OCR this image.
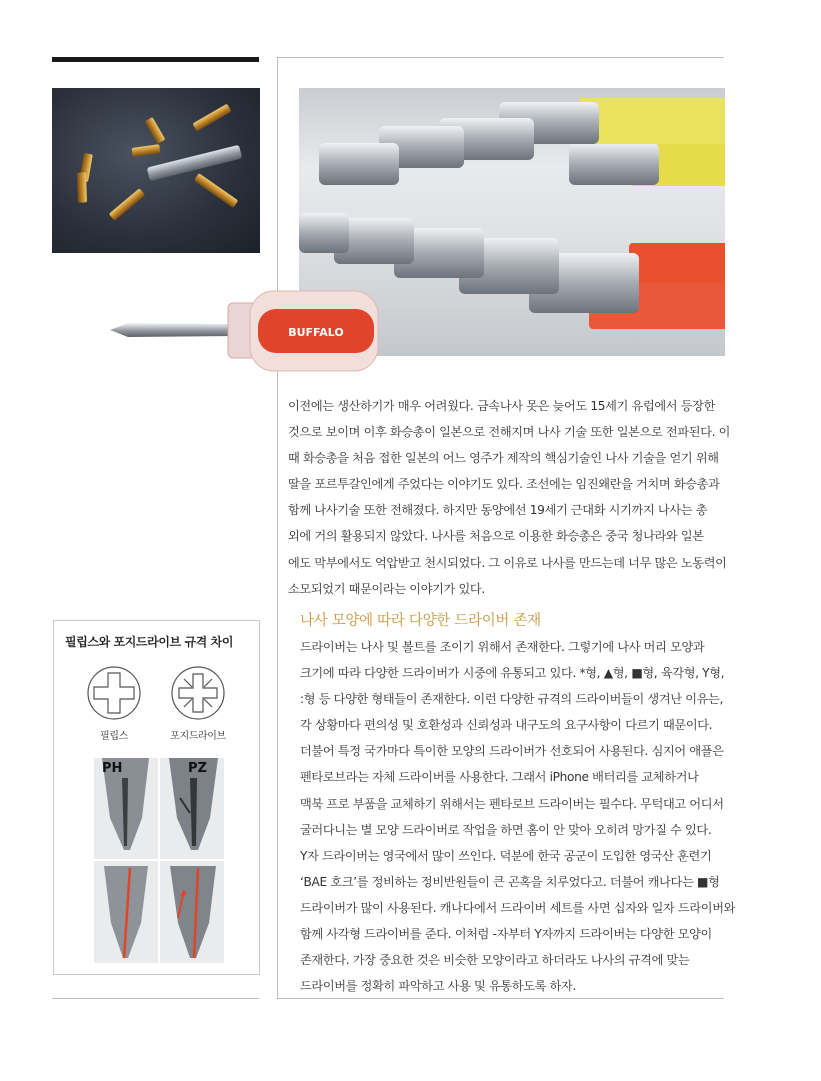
BUFFALO

이전에는 생산하기가 매우 어려웠다. 금속나사 못은 늦어도 15세기 유럽에서 등장한
것으로 보이며 이후 화승총이 일본으로 전해지며 나사 기술 또한 일본으로 전파된다. 이
때 화승총을 처음 접한 일본의 어느 영주가 제작의 핵심기술인 나사 기술을 얻기 위해
딸을 포르투갈인에게 주었다는 이야기도 있다. 조선에는 임진왜란을 거치며 화승총과
함께 나사기술 또한 전해졌다. 하지만 동양에선 19세기 근대화 시기까지 나사는 총
외에 거의 활용되지 않았다. 나사를 처음으로 이용한 화승총은 중국 청나라와 일본
에도 막부에서도 억압받고 천시되었다. 그 이유로 나사를 만드는데 너무 많은 노동력이
소모되었기 때문이라는 이야기가 있다.

나사 모양에 따라 다양한 드라이버 존재

드라이버는 나사 및 볼트를 조이기 위해서 존재한다. 그렇기에 나사 머리 모양과
크기에 따라 다양한 드라이버가 시중에 유통되고 있다. *형, ▲형, ■형, 육각형, Y형,
:형 등 다양한 형태들이 존재한다. 이런 다양한 규격의 드라이버들이 생겨난 이유는,
각 상황마다 편의성 및 호환성과 신뢰성과 내구도의 요구사항이 다르기 때문이다.
더불어 특정 국가마다 특이한 모양의 드라이버가 선호되어 사용된다. 심지어 애플은
펜타로브라는 자체 드라이버를 사용한다. 그래서 iPhone 배터리를 교체하거나
맥북 프로 부품을 교체하기 위해서는 펜타로브 드라이버는 필수다. 무턱대고 어디서
굴러다니는 별 모양 드라이버로 작업을 하면 홈이 안 맞아 오히려 망가질 수 있다.
Y자 드라이버는 영국에서 많이 쓰인다. 덕분에 한국 공군이 도입한 영국산 훈련기
‘BAE 호크’를 정비하는 정비반원들이 큰 곤혹을 치루었다고. 더불어 캐나다는 ■형
드라이버가 많이 사용된다. 캐나다에서 드라이버 세트를 사면 십자와 일자 드라이버와
함께 사각형 드라이버를 준다. 이처럼 -자부터 Y자까지 드라이버는 다양한 모양이
존재한다. 가장 중요한 것은 비슷한 모양이라고 하더라도 나사의 규격에 맞는
드라이버를 정확히 파악하고 사용 및 유통하도록 하자.

필립스와 포지드라이브 규격 차이

필립스	포지드라이브
PH	PZ
